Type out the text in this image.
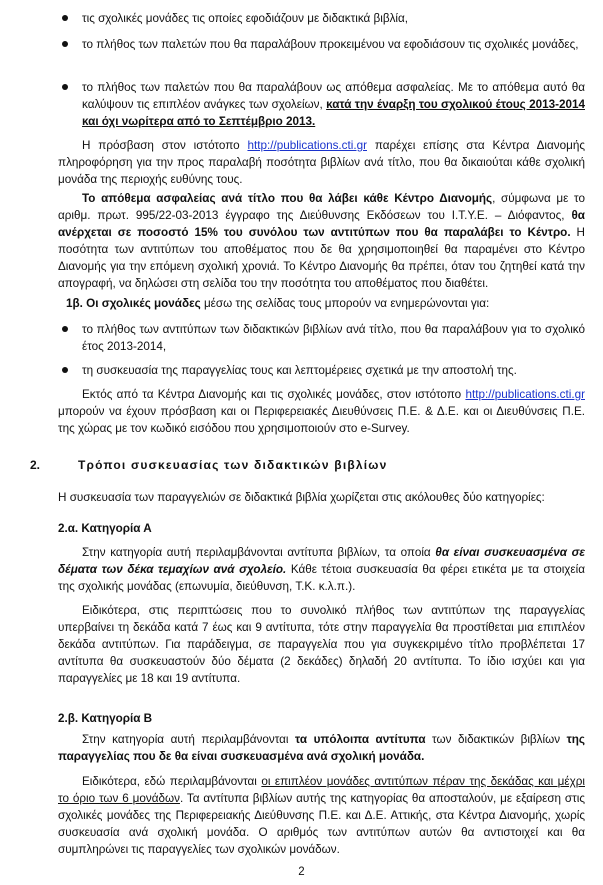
τις σχολικές μονάδες τις οποίες εφοδιάζουν με διδακτικά βιβλία,
το πλήθος των παλετών που θα παραλάβουν προκειμένου να εφοδιάσουν τις σχολικές μονάδες,
το πλήθος των παλετών που θα παραλάβουν ως απόθεμα ασφαλείας. Με το απόθεμα αυτό θα καλύψουν τις επιπλέον ανάγκες των σχολείων, κατά την έναρξη του σχολικού έτους 2013-2014 και όχι νωρίτερα από το Σεπτέμβριο 2013.
Η πρόσβαση στον ιστότοπο http://publications.cti.gr παρέχει επίσης στα Κέντρα Διανομής πληροφόρηση για την προς παραλαβή ποσότητα βιβλίων ανά τίτλο, που θα δικαιούται κάθε σχολική μονάδα της περιοχής ευθύνης τους.
Το απόθεμα ασφαλείας ανά τίτλο που θα λάβει κάθε Κέντρο Διανομής, σύμφωνα με το αριθμ. πρωτ. 995/22-03-2013 έγγραφο της Διεύθυνσης Εκδόσεων του Ι.Τ.Υ.Ε. – Διόφαντος, θα ανέρχεται σε ποσοστό 15% του συνόλου των αντιτύπων που θα παραλάβει το Κέντρο. Η ποσότητα των αντιτύπων του αποθέματος που δε θα χρησιμοποιηθεί θα παραμένει στο Κέντρο Διανομής για την επόμενη σχολική χρονιά. Το Κέντρο Διανομής θα πρέπει, όταν του ζητηθεί κατά την απογραφή, να δηλώσει στη σελίδα του την ποσότητα του αποθέματος που διαθέτει.
1β. Οι σχολικές μονάδες μέσω της σελίδας τους μπορούν να ενημερώνονται για:
το πλήθος των αντιτύπων των διδακτικών βιβλίων ανά τίτλο, που θα παραλάβουν για το σχολικό έτος 2013-2014,
τη συσκευασία της παραγγελίας τους και λεπτομέρειες σχετικά με την αποστολή της.
Εκτός από τα Κέντρα Διανομής και τις σχολικές μονάδες, στον ιστότοπο http://publications.cti.gr μπορούν να έχουν πρόσβαση και οι Περιφερειακές Διευθύνσεις Π.Ε. & Δ.Ε. και οι Διευθύνσεις Π.Ε. της χώρας με τον κωδικό εισόδου που χρησιμοποιούν στο e-Survey.
2.	Τρόποι συσκευασίας των διδακτικών βιβλίων
Η συσκευασία των παραγγελιών σε διδακτικά βιβλία χωρίζεται στις ακόλουθες δύο κατηγορίες:
2.α. Κατηγορία Α
Στην κατηγορία αυτή περιλαμβάνονται αντίτυπα βιβλίων, τα οποία θα είναι συσκευασμένα σε δέματα των δέκα τεμαχίων ανά σχολείο. Κάθε τέτοια συσκευασία θα φέρει ετικέτα με τα στοιχεία της σχολικής μονάδας (επωνυμία, διεύθυνση, Τ.Κ. κ.λ.π.).
Ειδικότερα, στις περιπτώσεις που το συνολικό πλήθος των αντιτύπων της παραγγελίας υπερβαίνει τη δεκάδα κατά 7 έως και 9 αντίτυπα, τότε στην παραγγελία θα προστίθεται μια επιπλέον δεκάδα αντιτύπων. Για παράδειγμα, σε παραγγελία που για συγκεκριμένο τίτλο προβλέπεται 17 αντίτυπα θα συσκευαστούν δύο δέματα (2 δεκάδες) δηλαδή 20 αντίτυπα. Το ίδιο ισχύει και για παραγγελίες με 18 και 19 αντίτυπα.
2.β. Κατηγορία Β
Στην κατηγορία αυτή περιλαμβάνονται τα υπόλοιπα αντίτυπα των διδακτικών βιβλίων της παραγγελίας που δε θα είναι συσκευασμένα ανά σχολική μονάδα.
Ειδικότερα, εδώ περιλαμβάνονται οι επιπλέον μονάδες αντιτύπων πέραν της δεκάδας και μέχρι το όριο των 6 μονάδων. Τα αντίτυπα βιβλίων αυτής της κατηγορίας θα αποσταλούν, με εξαίρεση στις σχολικές μονάδες της Περιφερειακής Διεύθυνσης Π.Ε. και Δ.Ε. Αττικής, στα Κέντρα Διανομής, χωρίς συσκευασία ανά σχολική μονάδα. Ο αριθμός των αντιτύπων αυτών θα αντιστοιχεί και θα συμπληρώνει τις παραγγελίες των σχολικών μονάδων.
2
